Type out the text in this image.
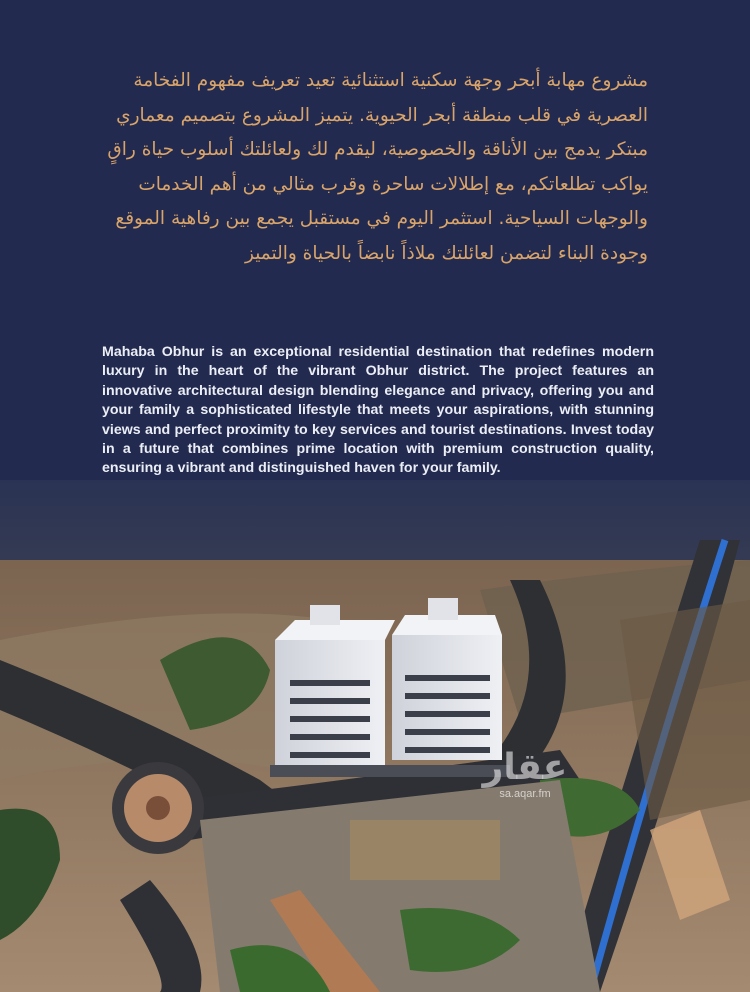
مشروع مهابة أبحر وجهة سكنية استثنائية تعيد تعريف مفهوم الفخامة العصرية في قلب منطقة أبحر الحيوية. يتميز المشروع بتصميم معماري مبتكر يدمج بين الأناقة والخصوصية، ليقدم لك ولعائلتك أسلوب حياة راقٍ يواكب تطلعاتكم، مع إطلالات ساحرة وقرب مثالي من أهم الخدمات والوجهات السياحية. استثمر اليوم في مستقبل يجمع بين رفاهية الموقع وجودة البناء لتضمن لعائلتك ملاذاً نابضاً بالحياة والتميز

Mahaba Obhur is an exceptional residential destination that redefines modern luxury in the heart of the vibrant Obhur district. The project features an innovative architectural design blending elegance and privacy, offering you and your family a sophisticated lifestyle that meets your aspirations, with stunning views and perfect proximity to key services and tourist destinations. Invest today in a future that combines prime location with premium construction quality, ensuring a vibrant and distinguished haven for your family.

عقار
sa.aqar.fm
